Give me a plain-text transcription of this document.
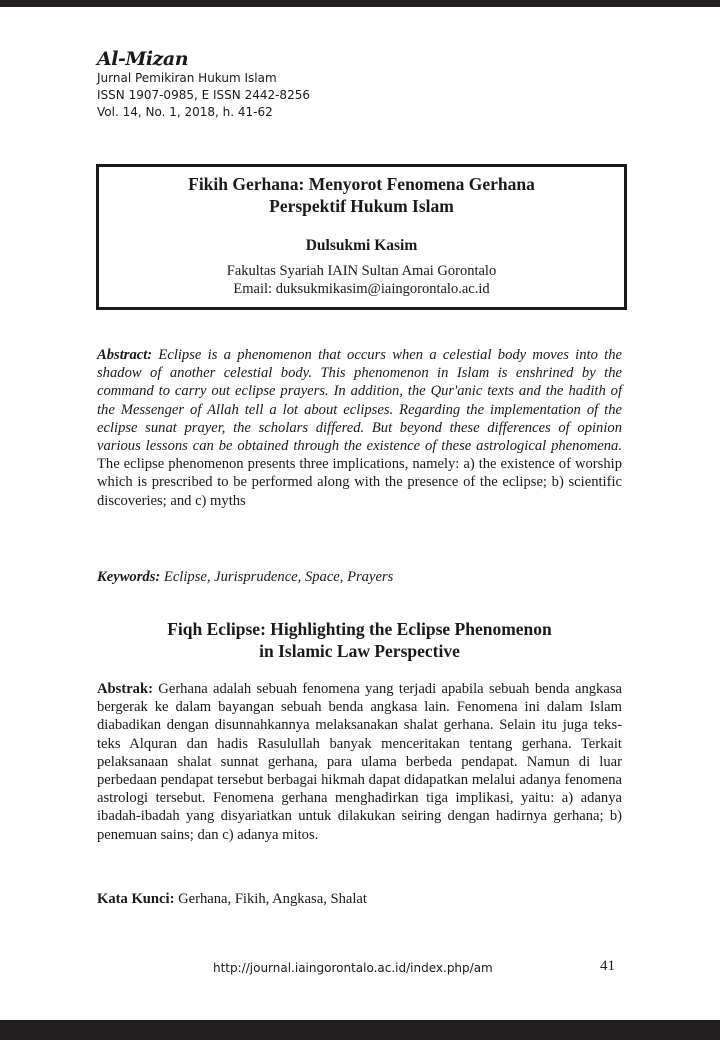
Al-Mizan
Jurnal Pemikiran Hukum Islam
ISSN 1907-0985, E ISSN 2442-8256
Vol. 14, No. 1, 2018, h. 41-62
Fikih Gerhana: Menyorot Fenomena Gerhana
Perspektif Hukum Islam
Dulsukmi Kasim
Fakultas Syariah IAIN Sultan Amai Gorontalo
Email: duksukmikasim@iaingorontalo.ac.id
Abstract: Eclipse is a phenomenon that occurs when a celestial body moves into the shadow of another celestial body. This phenomenon in Islam is enshrined by the command to carry out eclipse prayers. In addition, the Qur'anic texts and the hadith of the Messenger of Allah tell a lot about eclipses. Regarding the implementation of the eclipse sunat prayer, the scholars differed. But beyond these differences of opinion various lessons can be obtained through the existence of these astrological phenomena. The eclipse phenomenon presents three implications, namely: a) the existence of worship which is prescribed to be performed along with the presence of the eclipse; b) scientific discoveries; and c) myths
Keywords: Eclipse, Jurisprudence, Space, Prayers
Fiqh Eclipse: Highlighting the Eclipse Phenomenon
in Islamic Law Perspective
Abstrak: Gerhana adalah sebuah fenomena yang terjadi apabila sebuah benda angkasa bergerak ke dalam bayangan sebuah benda angkasa lain. Fenomena ini dalam Islam diabadikan dengan disunnahkannya melaksanakan shalat gerhana. Selain itu juga teks-teks Alquran dan hadis Rasulullah banyak menceritakan tentang gerhana. Terkait pelaksanaan shalat sunnat gerhana, para ulama berbeda pendapat. Namun di luar perbedaan pendapat tersebut berbagai hikmah dapat didapatkan melalui adanya fenomena astrologi tersebut. Fenomena gerhana menghadirkan tiga implikasi, yaitu: a) adanya ibadah-ibadah yang disyariatkan untuk dilakukan seiring dengan hadirnya gerhana; b) penemuan sains; dan c) adanya mitos.
Kata Kunci: Gerhana, Fikih, Angkasa, Shalat
http://journal.iaingorontalo.ac.id/index.php/am	41
